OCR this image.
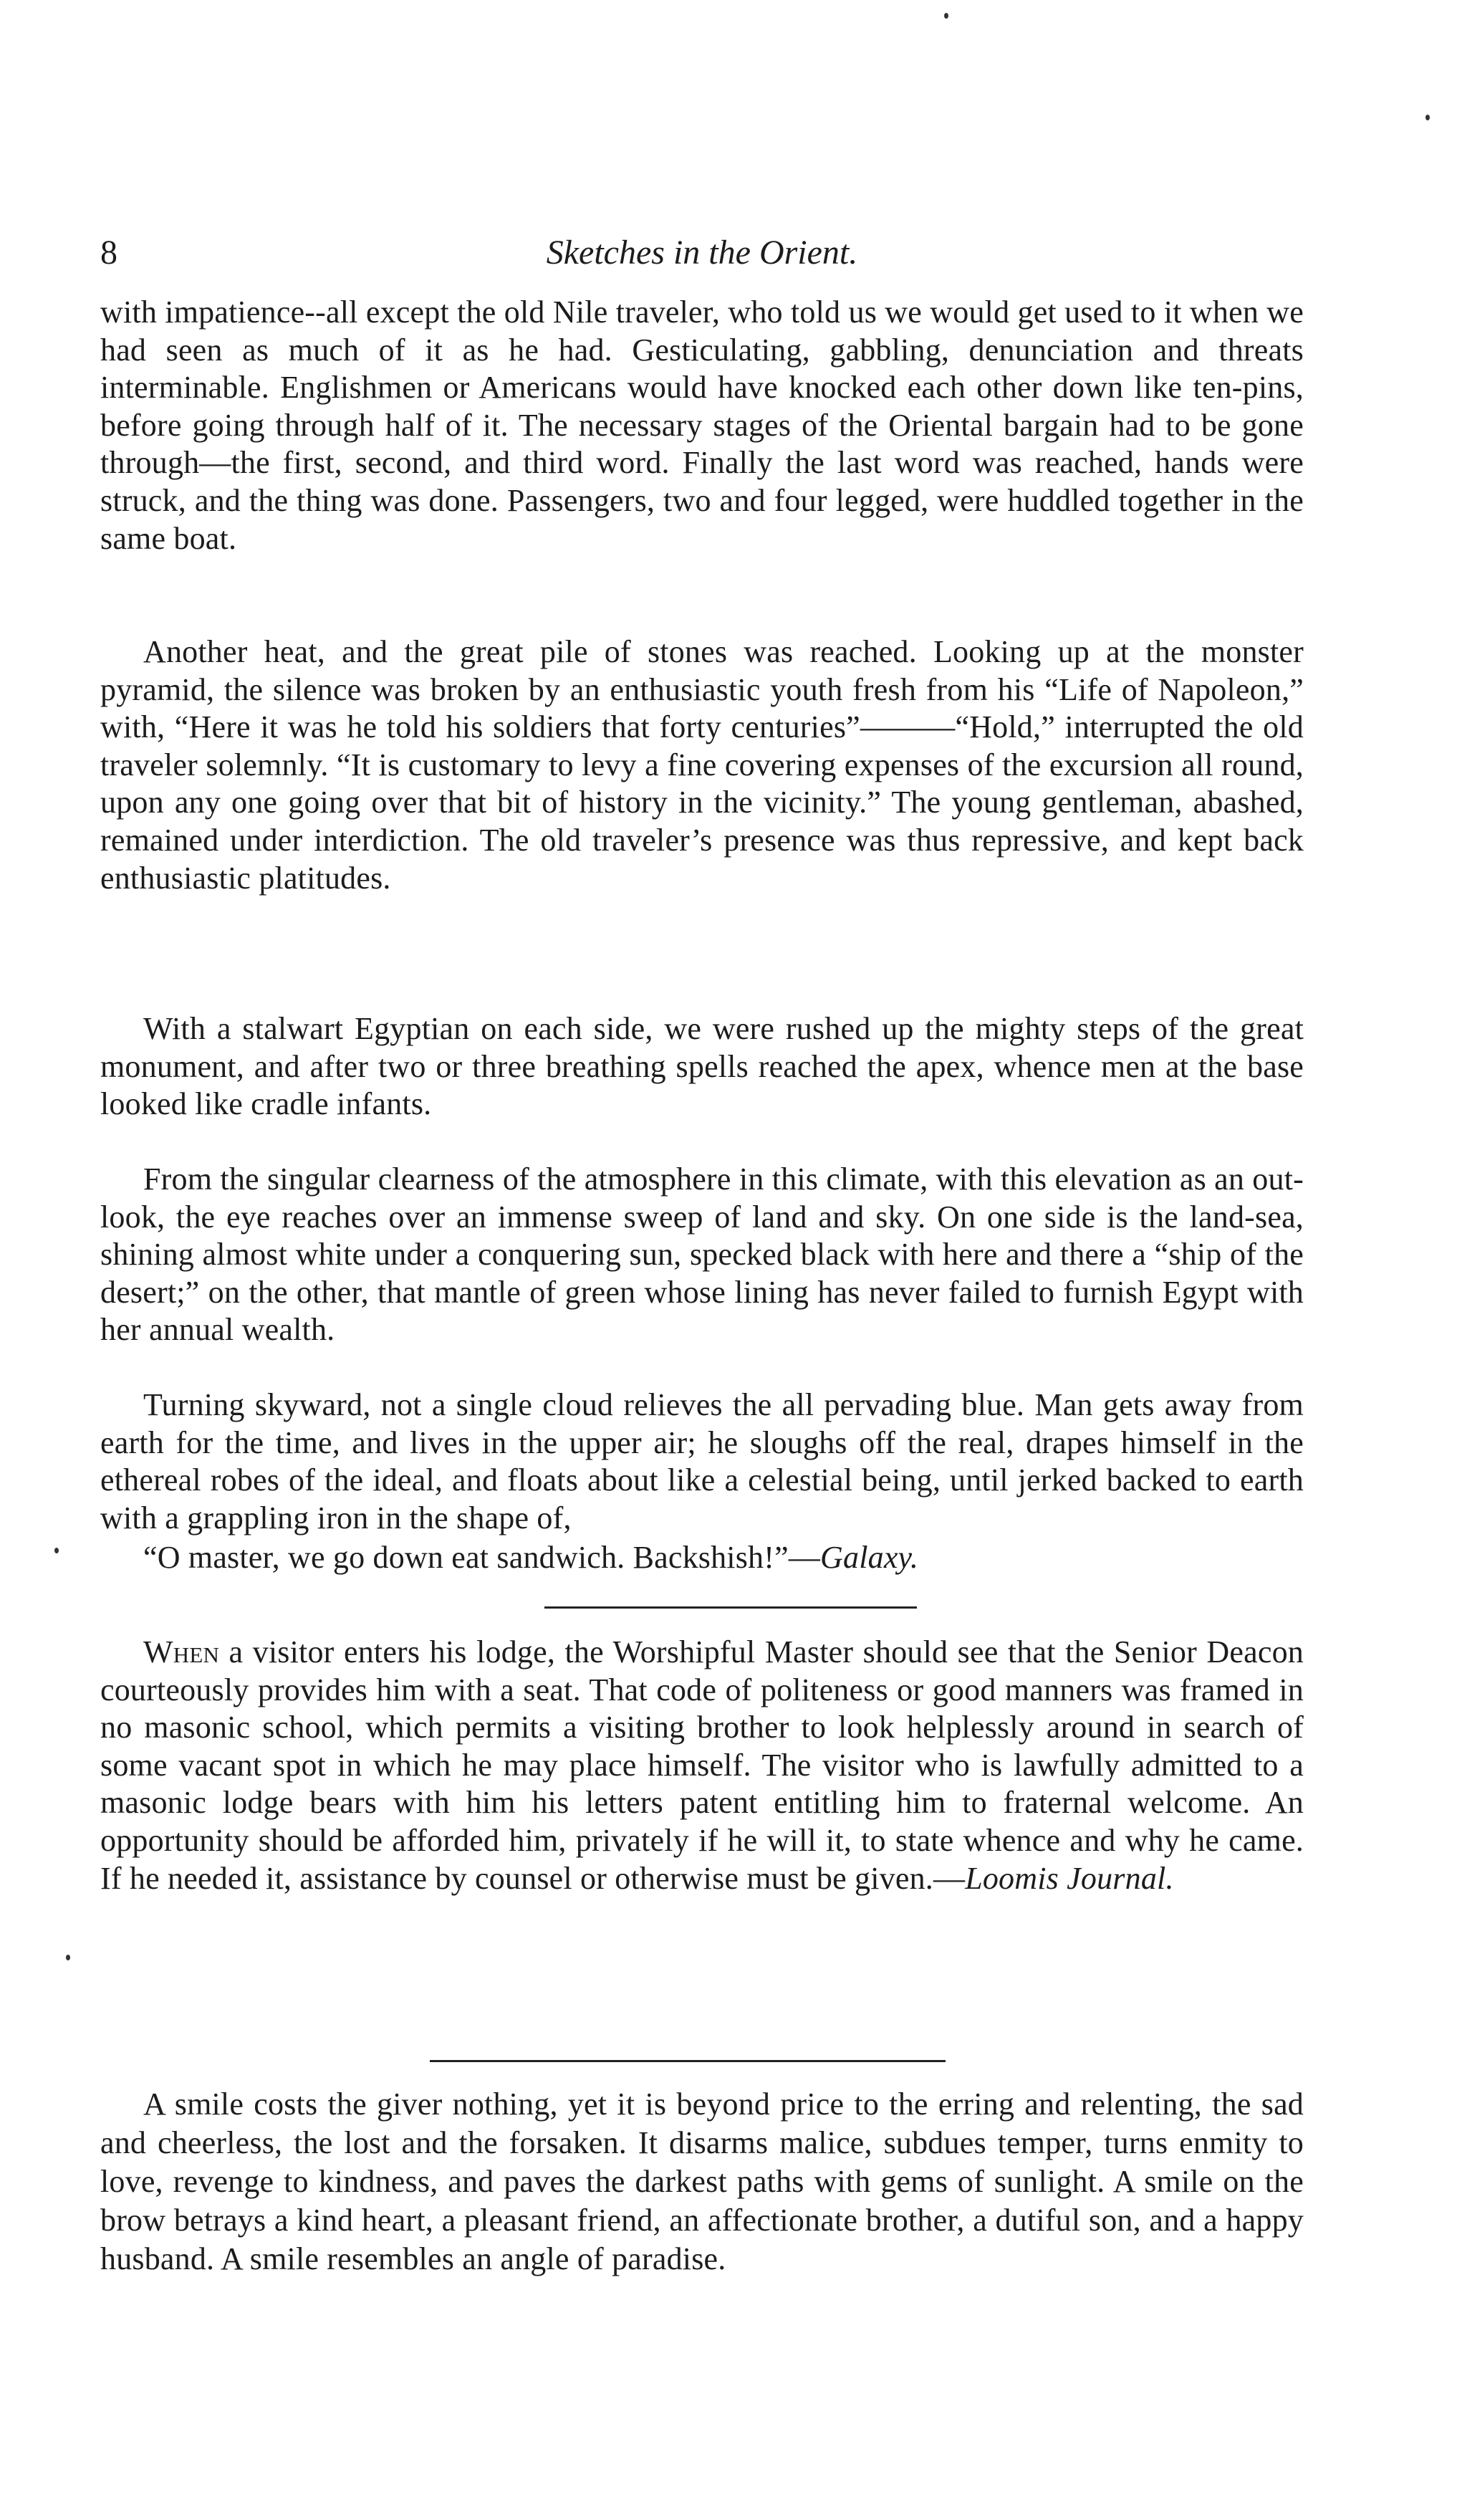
8	Sketches in the Orient.

with impatience--all except the old Nile traveler, who told us we would get used to it when we had seen as much of it as he had. Gesticulating, gabbling, denunciation and threats interminable. Englishmen or Americans would have knocked each other down like ten-pins, before going through half of it. The necessary stages of the Oriental bargain had to be gone through—the first, second, and third word. Finally the last word was reached, hands were struck, and the thing was done. Passengers, two and four legged, were huddled together in the same boat.

Another heat, and the great pile of stones was reached. Looking up at the monster pyramid, the silence was broken by an enthusiastic youth fresh from his “Life of Napoleon,” with, “Here it was he told his soldiers that forty centuries”———“Hold,” interrupted the old traveler solemnly. “It is customary to levy a fine covering expenses of the excursion all round, upon any one going over that bit of history in the vicinity.” The young gentleman, abashed, remained under interdiction. The old traveler’s presence was thus repressive, and kept back enthusiastic platitudes.

With a stalwart Egyptian on each side, we were rushed up the mighty steps of the great monument, and after two or three breathing spells reached the apex, whence men at the base looked like cradle infants.

From the singular clearness of the atmosphere in this climate, with this elevation as an out-look, the eye reaches over an immense sweep of land and sky. On one side is the land-sea, shining almost white under a conquering sun, specked black with here and there a “ship of the desert;” on the other, that mantle of green whose lining has never failed to furnish Egypt with her annual wealth.

Turning skyward, not a single cloud relieves the all pervading blue. Man gets away from earth for the time, and lives in the upper air; he sloughs off the real, drapes himself in the ethereal robes of the ideal, and floats about like a celestial being, until jerked backed to earth with a grappling iron in the shape of,

“O master, we go down eat sandwich. Backshish!”—Galaxy.

When a visitor enters his lodge, the Worshipful Master should see that the Senior Deacon courteously provides him with a seat. That code of politeness or good manners was framed in no masonic school, which permits a visiting brother to look helplessly around in search of some vacant spot in which he may place himself. The visitor who is lawfully admitted to a masonic lodge bears with him his letters patent entitling him to fraternal welcome. An opportunity should be afforded him, privately if he will it, to state whence and why he came. If he needed it, assistance by counsel or otherwise must be given.—Loomis Journal.

A smile costs the giver nothing, yet it is beyond price to the erring and relenting, the sad and cheerless, the lost and the forsaken. It disarms malice, subdues temper, turns enmity to love, revenge to kindness, and paves the darkest paths with gems of sunlight. A smile on the brow betrays a kind heart, a pleasant friend, an affectionate brother, a dutiful son, and a happy husband. A smile resembles an angle of paradise.
